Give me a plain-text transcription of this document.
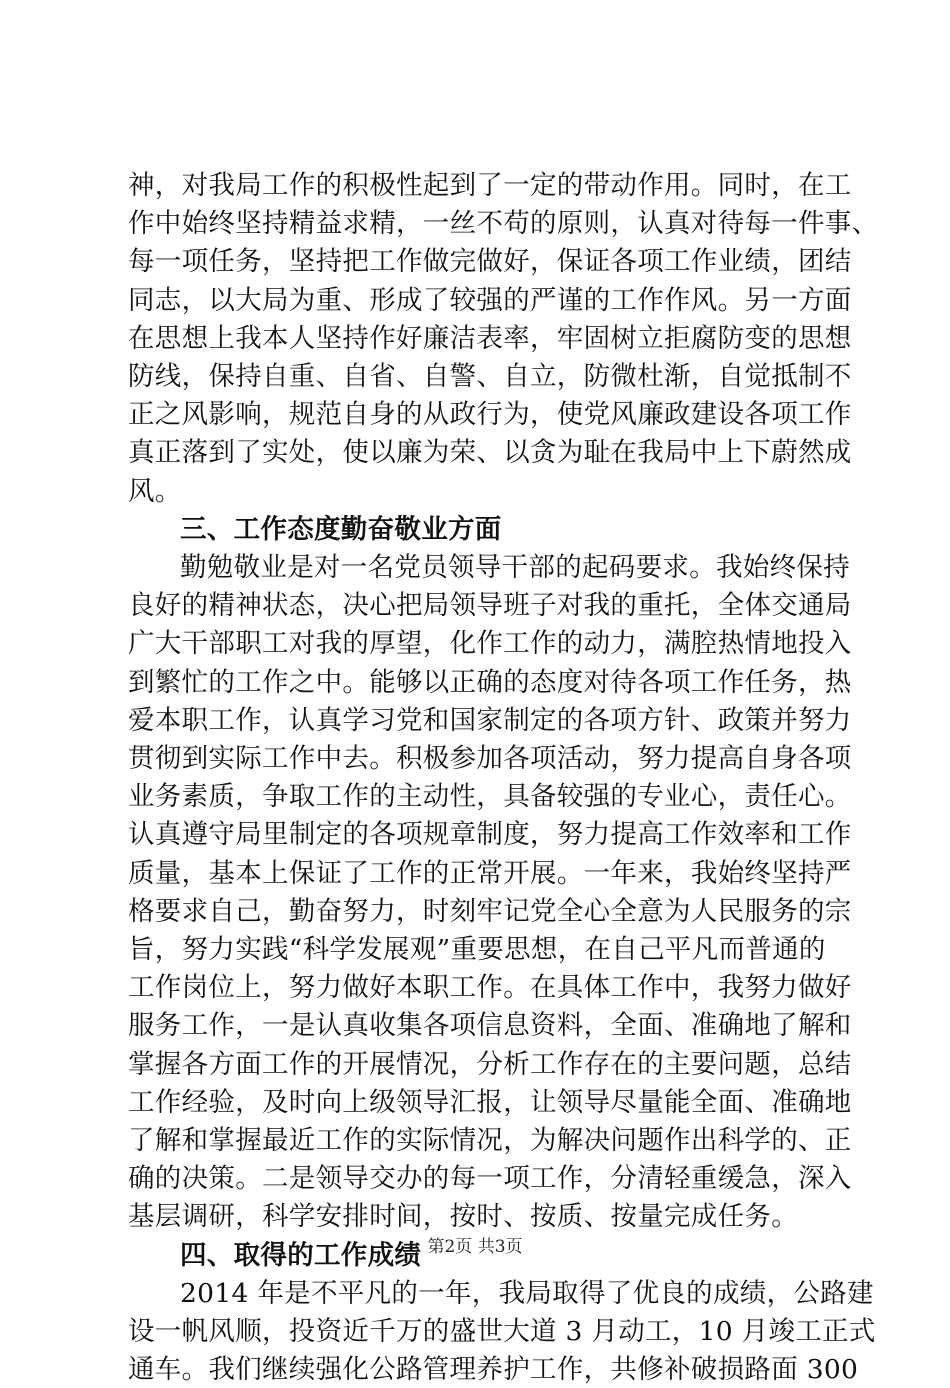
神，对我局工作的积极性起到了一定的带动作用。同时，在工
作中始终坚持精益求精，一丝不苟的原则，认真对待每一件事、
每一项任务，坚持把工作做完做好，保证各项工作业绩，团结
同志，以大局为重、形成了较强的严谨的工作作风。另一方面
在思想上我本人坚持作好廉洁表率，牢固树立拒腐防变的思想
防线，保持自重、自省、自警、自立，防微杜渐，自觉抵制不
正之风影响，规范自身的从政行为，使党风廉政建设各项工作
真正落到了实处，使以廉为荣、以贪为耻在我局中上下蔚然成
风。
三、工作态度勤奋敬业方面
勤勉敬业是对一名党员领导干部的起码要求。我始终保持
良好的精神状态，决心把局领导班子对我的重托，全体交通局
广大干部职工对我的厚望，化作工作的动力，满腔热情地投入
到繁忙的工作之中。能够以正确的态度对待各项工作任务，热
爱本职工作，认真学习党和国家制定的各项方针、政策并努力
贯彻到实际工作中去。积极参加各项活动，努力提高自身各项
业务素质，争取工作的主动性，具备较强的专业心，责任心。
认真遵守局里制定的各项规章制度，努力提高工作效率和工作
质量，基本上保证了工作的正常开展。一年来，我始终坚持严
格要求自己，勤奋努力，时刻牢记党全心全意为人民服务的宗
旨，努力实践“科学发展观”重要思想，在自己平凡而普通的
工作岗位上，努力做好本职工作。在具体工作中，我努力做好
服务工作，一是认真收集各项信息资料，全面、准确地了解和
掌握各方面工作的开展情况，分析工作存在的主要问题，总结
工作经验，及时向上级领导汇报，让领导尽量能全面、准确地
了解和掌握最近工作的实际情况，为解决问题作出科学的、正
确的决策。二是领导交办的每一项工作，分清轻重缓急，深入
基层调研，科学安排时间，按时、按质、按量完成任务。
四、取得的工作成绩
2014 年是不平凡的一年，我局取得了优良的成绩，公路建
设一帆风顺，投资近千万的盛世大道 3 月动工，10 月竣工正式
通车。我们继续强化公路管理养护工作，共修补破损路面 300
第2页 共3页
